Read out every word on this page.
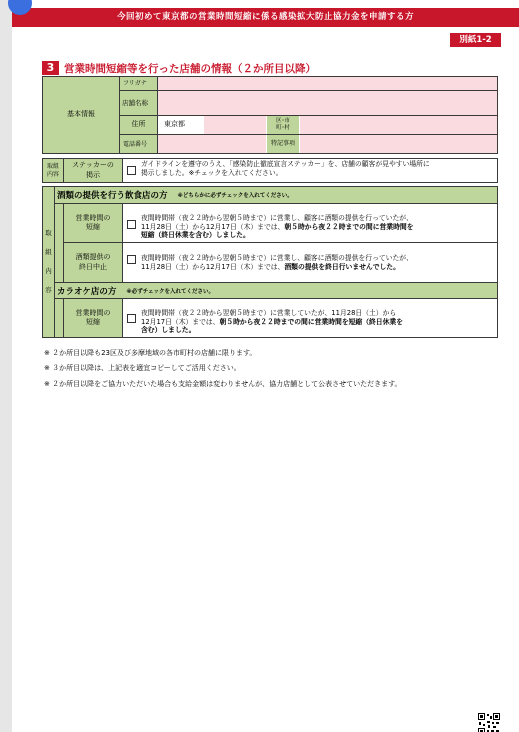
今回初めて東京都の営業時間短縮に係る感染拡大防止協力金を申請する方
別紙1-2
3 営業時間短縮等を行った店舗の情報（２か所目以降）
基本情報
フリガナ
店舗名称
住所
電話番号
東京都	区･市
町･村
特記事項
取組
内容
ステッカーの
掲示
ガイドラインを遵守のうえ、「感染防止徹底宣言ステッカー」を、店舗の顧客が見やすい場所に
掲示しました。※チェックを入れてください。
取
組
内
容
酒類の提供を行う飲食店の方 ※どちらかに必ずチェックを入れてください。
営業時間の
短縮

夜間時間帯（夜２２時から翌朝５時まで）に営業し、顧客に酒類の提供を行っていたが、
11月28日（土）から12月17日（木）までは、朝５時から夜２２時までの間に営業時間を
短縮（終日休業を含む）しました。

酒類提供の
終日中止

夜間時間帯（夜２２時から翌朝５時まで）に営業し、顧客に酒類の提供を行っていたが、
11月28日（土）から12月17日（木）までは、酒類の提供を終日行いませんでした。

カラオケ店の方 ※必ずチェックを入れてください。
営業時間の
短縮

夜間時間帯（夜２２時から翌朝５時まで）に営業していたが、11月28日（土）から
12月17日（木）までは、朝５時から夜２２時までの間に営業時間を短縮（終日休業を
含む）しました。

※ ２か所目以降も23区及び多摩地域の各市町村の店舗に限ります。
※ ３か所目以降は、上記表を適宜コピーしてご活用ください。
※ ２か所目以降をご協力いただいた場合も支給金額は変わりませんが、協力店舗として公表させていただきます。
